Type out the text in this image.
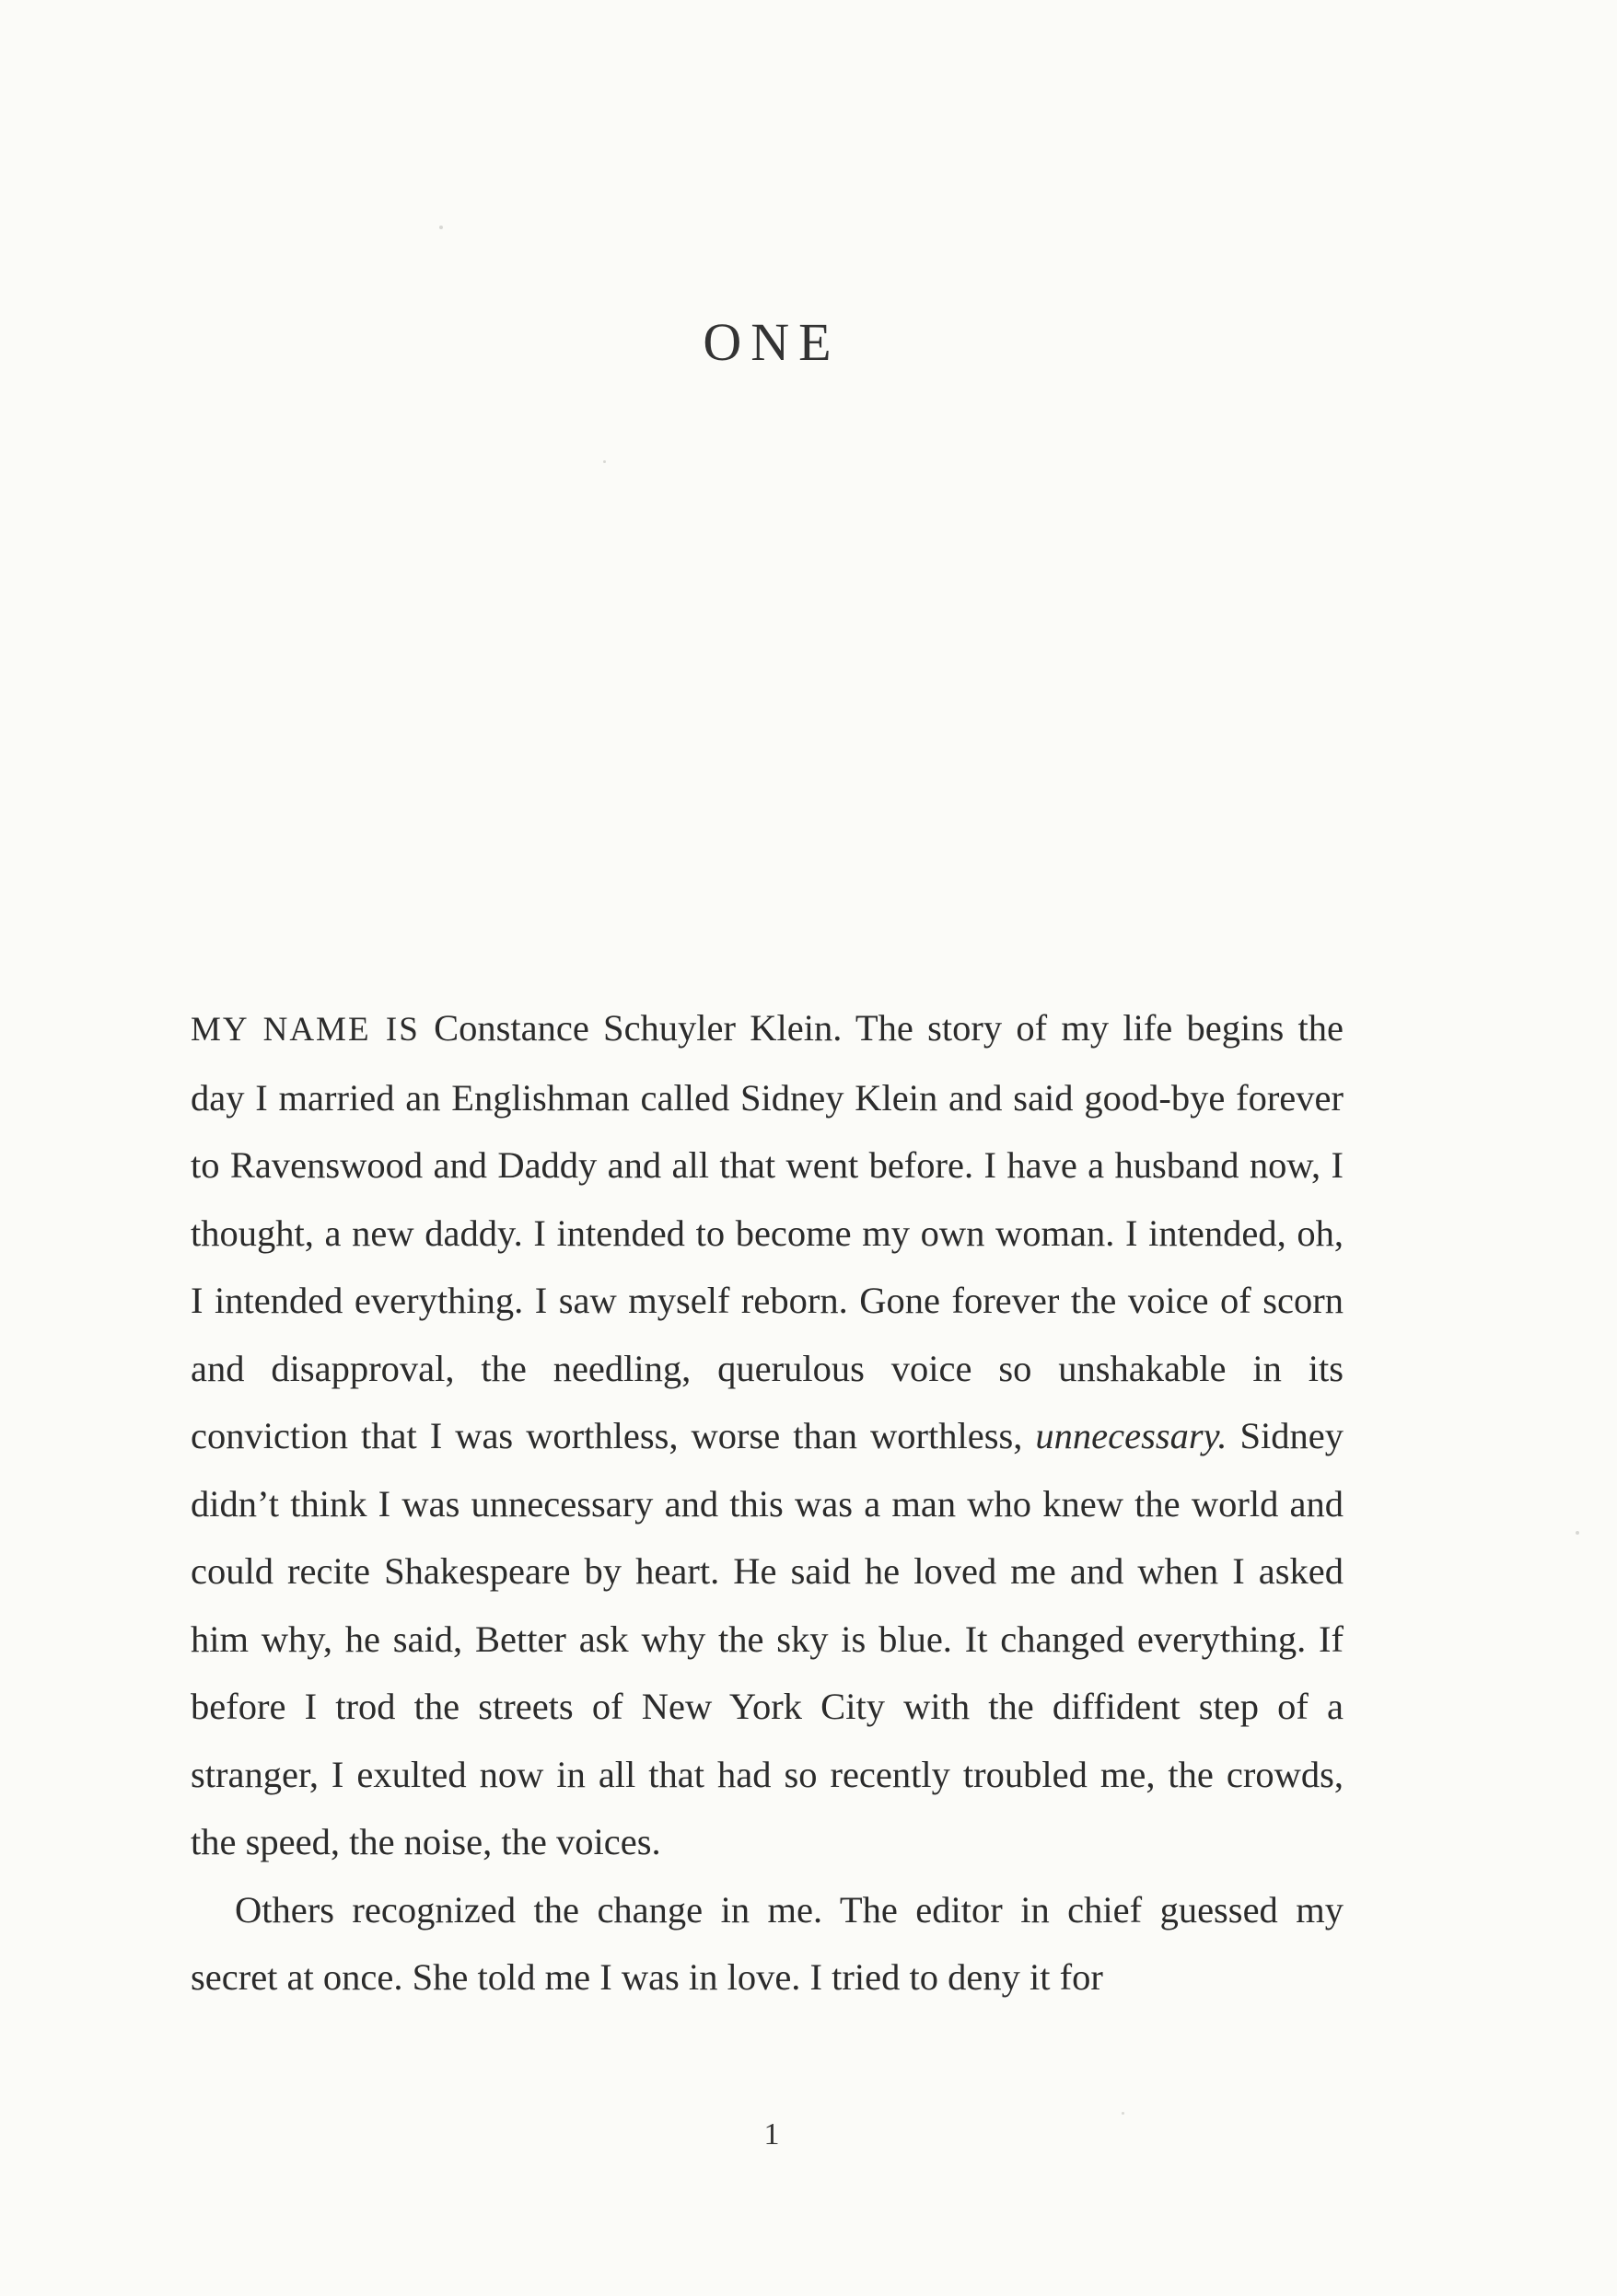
ONE

MY NAME IS Constance Schuyler Klein. The story of my life begins the day I married an Englishman called Sidney Klein and said good-bye forever to Ravenswood and Daddy and all that went before. I have a husband now, I thought, a new daddy. I intended to become my own woman. I intended, oh, I intended everything. I saw myself reborn. Gone forever the voice of scorn and disapproval, the needling, querulous voice so unshakable in its conviction that I was worthless, worse than worthless, unnecessary. Sidney didn’t think I was unnecessary and this was a man who knew the world and could recite Shakespeare by heart. He said he loved me and when I asked him why, he said, Better ask why the sky is blue. It changed everything. If before I trod the streets of New York City with the diffident step of a stranger, I exulted now in all that had so recently troubled me, the crowds, the speed, the noise, the voices.

Others recognized the change in me. The editor in chief guessed my secret at once. She told me I was in love. I tried to deny it for

1
